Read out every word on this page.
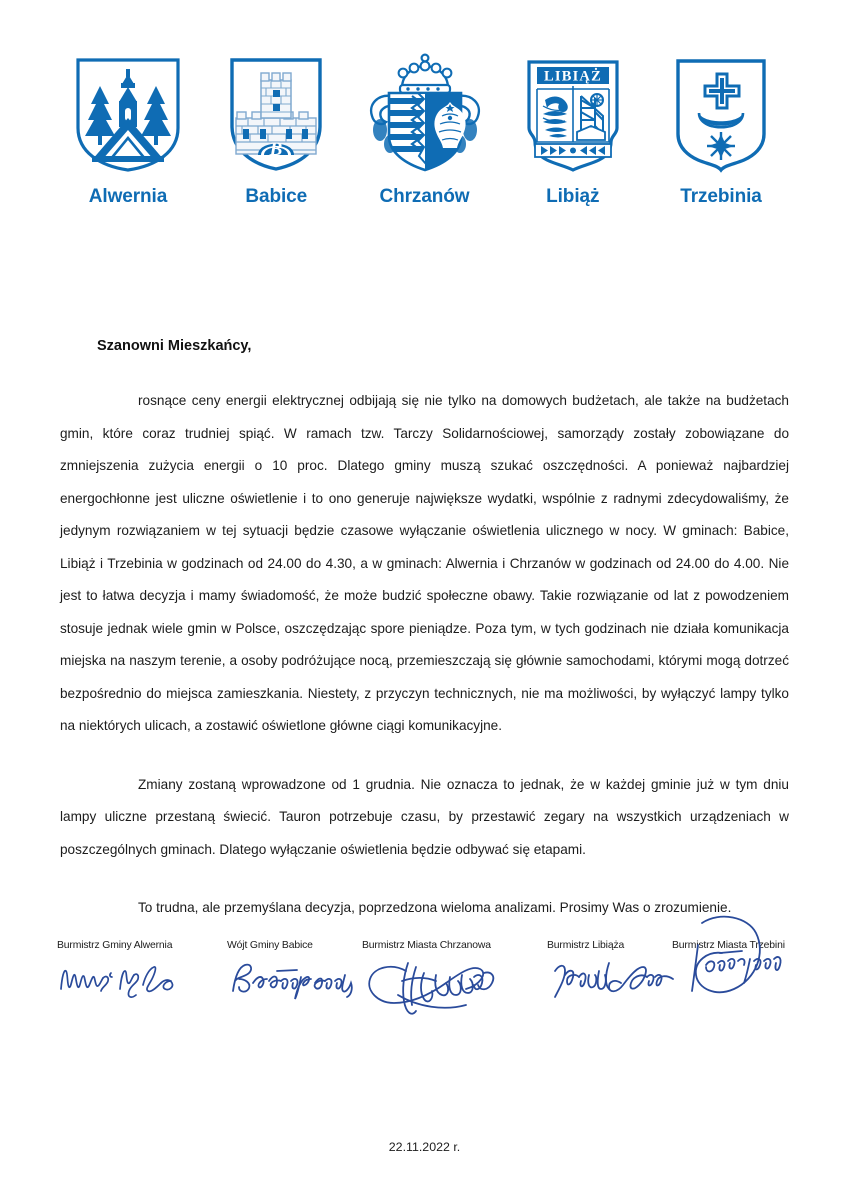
Alwernia
B
Babice	Chrzanów
LIBIĄŻ
Libiąż	Trzebinia
Szanowni Mieszkańcy,

rosnące ceny energii elektrycznej odbijają się nie tylko na domowych budżetach, ale także na budżetach gmin, które coraz trudniej spiąć. W ramach tzw. Tarczy Solidarnościowej, samorządy zostały zobowiązane do zmniejszenia zużycia energii o 10 proc. Dlatego gminy muszą szukać oszczędności. A ponieważ najbardziej energochłonne jest uliczne oświetlenie i to ono generuje największe wydatki, wspólnie z radnymi zdecydowaliśmy, że jedynym rozwiązaniem w tej sytuacji będzie czasowe wyłączanie oświetlenia ulicznego w nocy. W gminach: Babice, Libiąż i Trzebinia w godzinach od 24.00 do 4.30, a w gminach: Alwernia i Chrzanów w godzinach od 24.00 do 4.00. Nie jest to łatwa decyzja i mamy świadomość, że może budzić społeczne obawy. Takie rozwiązanie od lat z powodzeniem stosuje jednak wiele gmin w Polsce, oszczędzając spore pieniądze. Poza tym, w tych godzinach nie działa komunikacja miejska na naszym terenie, a osoby podróżujące nocą, przemieszczają się głównie samochodami, którymi mogą dotrzeć bezpośrednio do miejsca zamieszkania. Niestety, z przyczyn technicznych, nie ma możliwości, by wyłączyć lampy tylko na niektórych ulicach, a zostawić oświetlone główne ciągi komunikacyjne.

Zmiany zostaną wprowadzone od 1 grudnia. Nie oznacza to jednak, że w każdej gminie już w tym dniu lampy uliczne przestaną świecić. Tauron potrzebuje czasu, by przestawić zegary na wszystkich urządzeniach w poszczególnych gminach. Dlatego wyłączanie oświetlenia będzie odbywać się etapami.

To trudna, ale przemyślana decyzja, poprzedzona wieloma analizami. Prosimy Was o zrozumienie.

Burmistrz Gminy Alwernia	Wójt Gminy Babice	Burmistrz Miasta Chrzanowa	Burmistrz Libiąża	Burmistrz Miasta Trzebini
22.11.2022 r.
